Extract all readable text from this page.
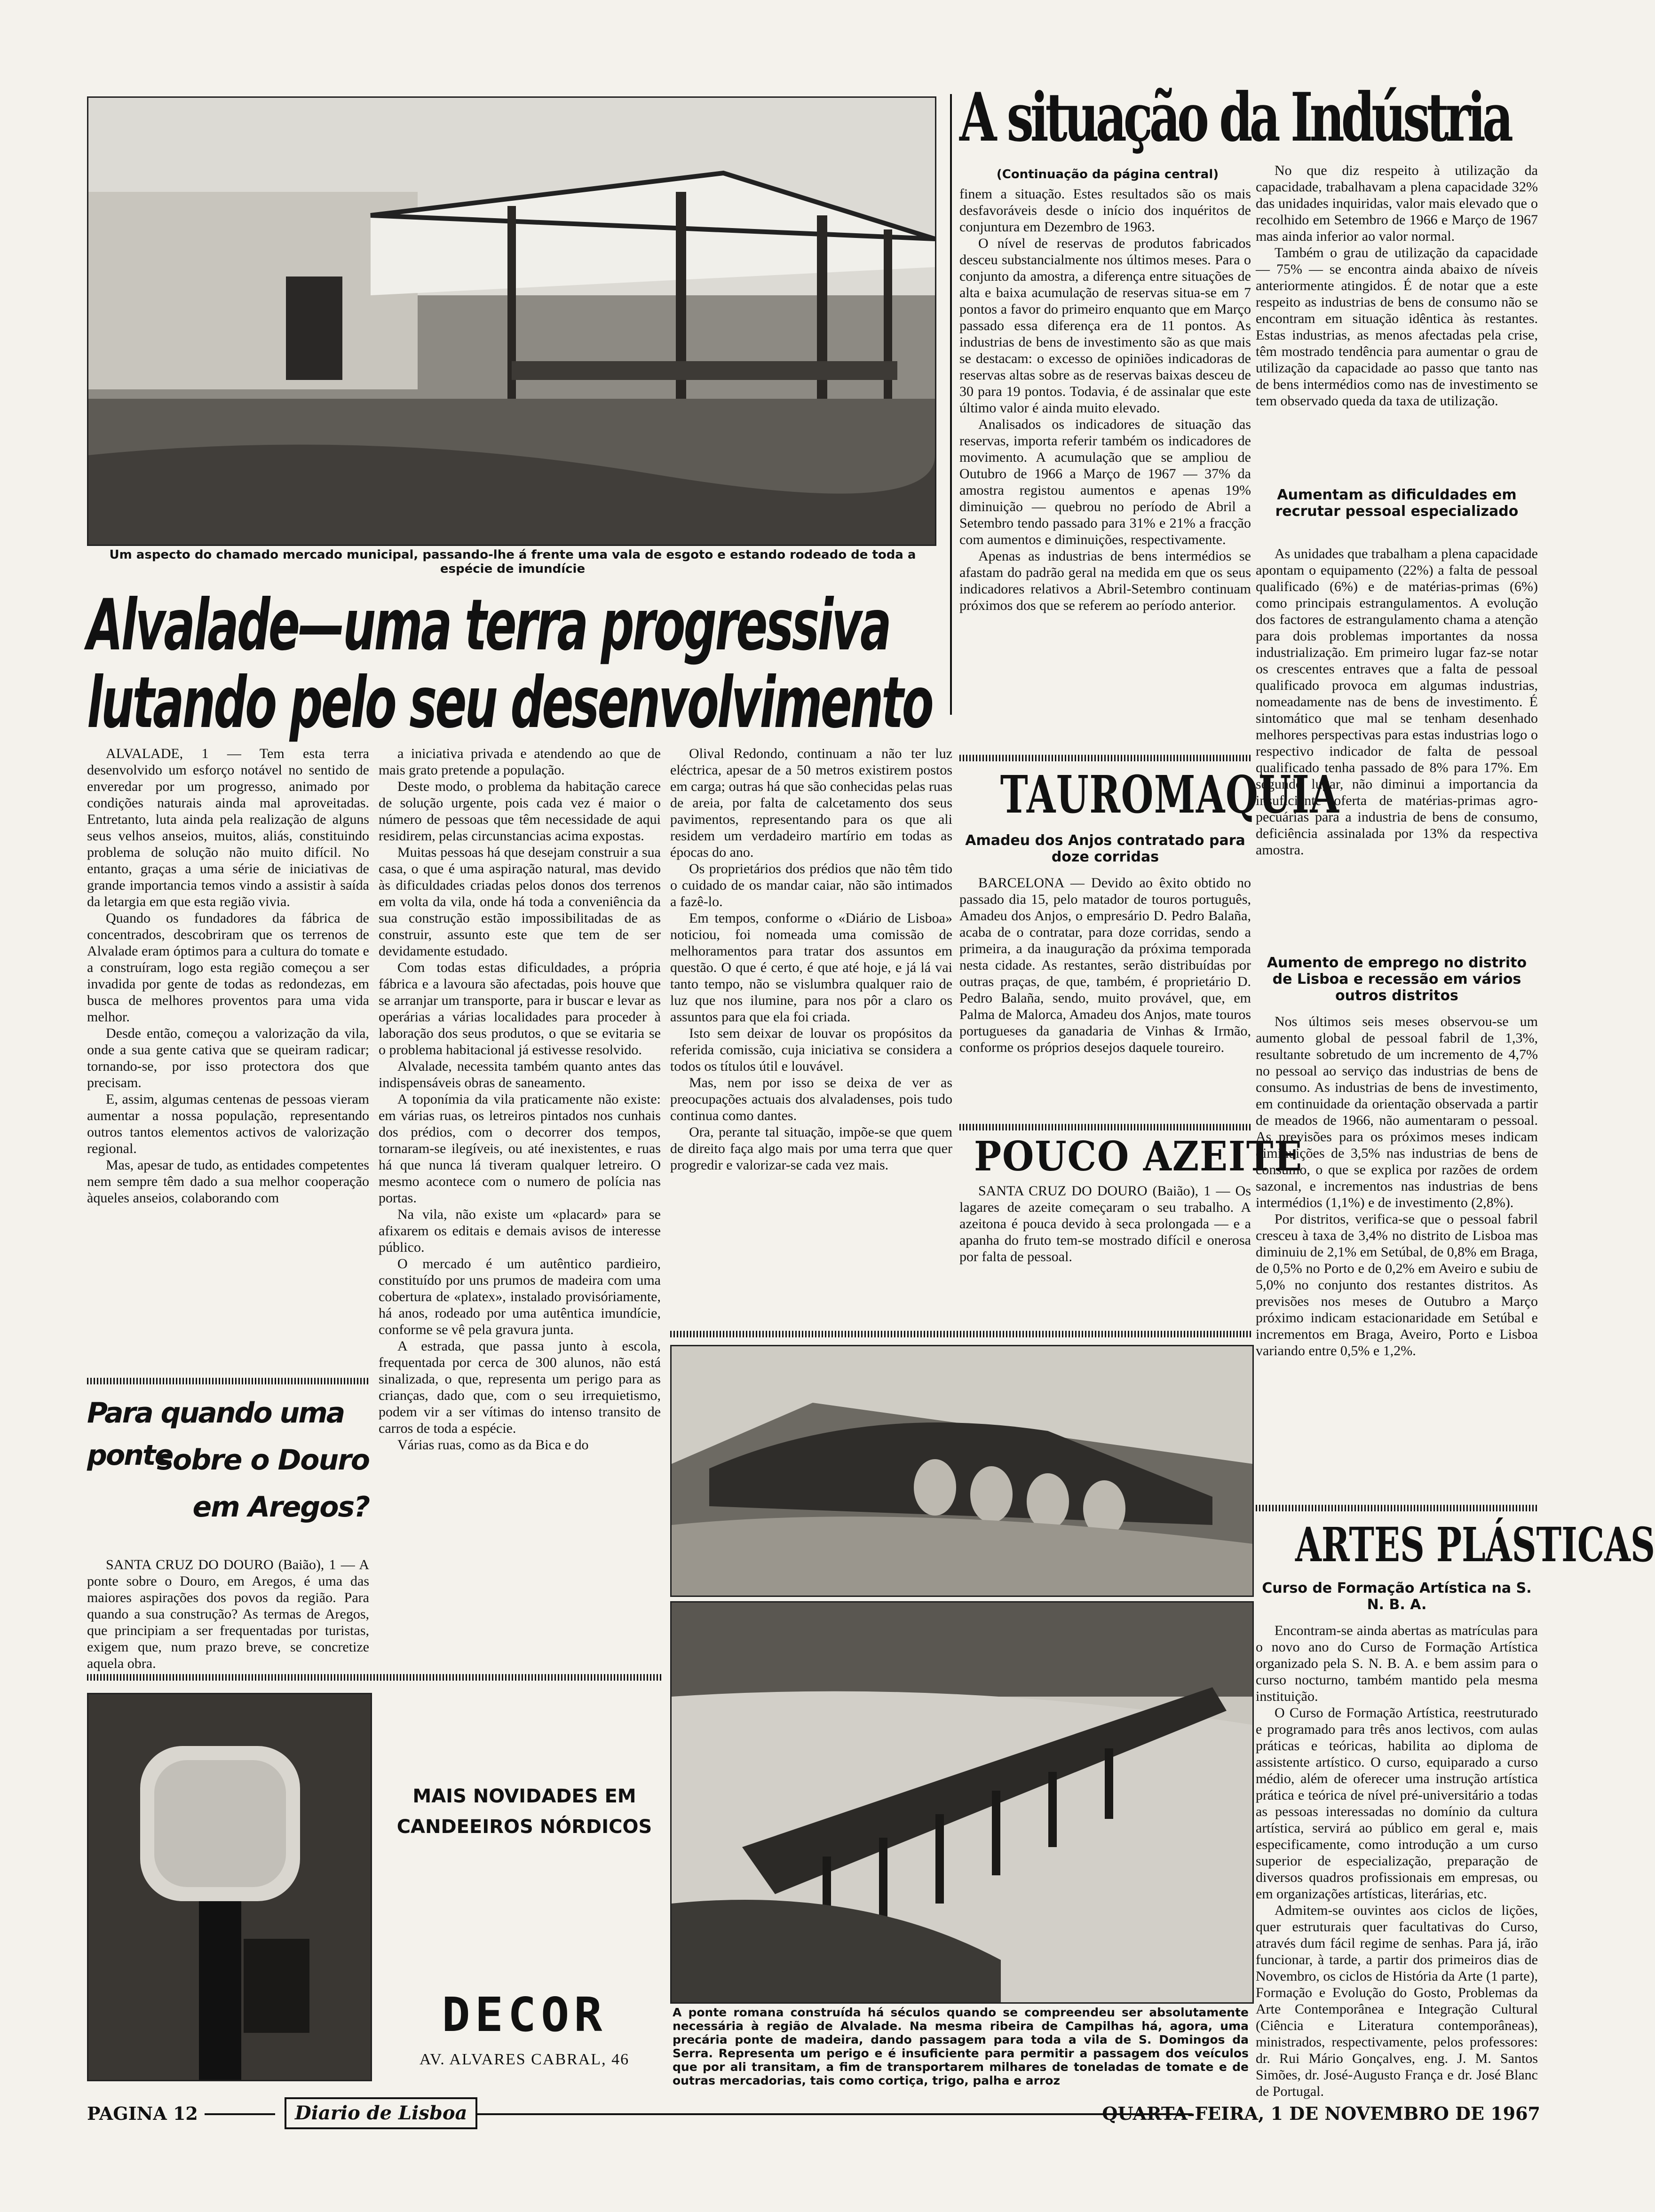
Um aspecto do chamado mercado municipal, passando-lhe á frente uma vala de esgoto e estando rodeado de toda a espécie de imundície
Alvalade—uma terra progressiva
lutando pelo seu desenvolvimento

ALVALADE, 1 — Tem esta terra desenvolvido um esforço notável no sentido de enveredar por um progresso, animado por condições naturais ainda mal aproveitadas. Entretanto, luta ainda pela realização de alguns seus velhos anseios, muitos, aliás, constituindo problema de solução não muito difícil. No entanto, graças a uma série de iniciativas de grande importancia temos vindo a assistir à saída da letargia em que esta região vivia.

Quando os fundadores da fábrica de concentrados, descobriram que os terrenos de Alvalade eram óptimos para a cultura do tomate e a construíram, logo esta região começou a ser invadida por gente de todas as redondezas, em busca de melhores proventos para uma vida melhor.

Desde então, começou a valorização da vila, onde a sua gente cativa que se queiram radicar; tornando-se, por isso protectora dos que precisam.

E, assim, algumas centenas de pessoas vieram aumentar a nossa população, representando outros tantos elementos activos de valorização regional.

Mas, apesar de tudo, as entidades competentes nem sempre têm dado a sua melhor cooperação àqueles anseios, colaborando com

a iniciativa privada e atendendo ao que de mais grato pretende a população.

Deste modo, o problema da habitação carece de solução urgente, pois cada vez é maior o número de pessoas que têm necessidade de aqui residirem, pelas circunstancias acima expostas.

Muitas pessoas há que desejam construir a sua casa, o que é uma aspiração natural, mas devido às dificuldades criadas pelos donos dos terrenos em volta da vila, onde há toda a conveniência da sua construção estão impossibilitadas de as construir, assunto este que tem de ser devidamente estudado.

Com todas estas dificuldades, a própria fábrica e a lavoura são afectadas, pois houve que se arranjar um transporte, para ir buscar e levar as operárias a várias localidades para proceder à laboração dos seus produtos, o que se evitaria se o problema habitacional já estivesse resolvido.

Alvalade, necessita também quanto antes das indispensáveis obras de saneamento.

A toponímia da vila praticamente não existe: em várias ruas, os letreiros pintados nos cunhais dos prédios, com o decorrer dos tempos, tornaram-se ilegíveis, ou até inexistentes, e ruas há que nunca lá tiveram qualquer letreiro. O mesmo acontece com o numero de polícia nas portas.

Na vila, não existe um «placard» para se afixarem os editais e demais avisos de interesse público.

O mercado é um autêntico pardieiro, constituído por uns prumos de madeira com uma cobertura de «platex», instalado provisóriamente, há anos, rodeado por uma autêntica imundície, conforme se vê pela gravura junta.

A estrada, que passa junto à escola, frequentada por cerca de 300 alunos, não está sinalizada, o que, representa um perigo para as crianças, dado que, com o seu irrequietismo, podem vir a ser vítimas do intenso transito de carros de toda a espécie.

Várias ruas, como as da Bica e do

Olival Redondo, continuam a não ter luz eléctrica, apesar de a 50 metros existirem postos em carga; outras há que são conhecidas pelas ruas de areia, por falta de calcetamento dos seus pavimentos, representando para os que ali residem um verdadeiro martírio em todas as épocas do ano.

Os proprietários dos prédios que não têm tido o cuidado de os mandar caiar, não são intimados a fazê-lo.

Em tempos, conforme o «Diário de Lisboa» noticiou, foi nomeada uma comissão de melhoramentos para tratar dos assuntos em questão. O que é certo, é que até hoje, e já lá vai tanto tempo, não se vislumbra qualquer raio de luz que nos ilumine, para nos pôr a claro os assuntos para que ela foi criada.

Isto sem deixar de louvar os propósitos da referida comissão, cuja iniciativa se considera a todos os títulos útil e louvável.

Mas, nem por isso se deixa de ver as preocupações actuais dos alvaladenses, pois tudo continua como dantes.

Ora, perante tal situação, impõe-se que quem de direito faça algo mais por uma terra que quer progredir e valorizar-se cada vez mais.

Para quando uma ponte
sobre o Douro
em Aregos?

SANTA CRUZ DO DOURO (Baião), 1 — A ponte sobre o Douro, em Aregos, é uma das maiores aspirações dos povos da região. Para quando a sua construção? As termas de Aregos, que principiam a ser frequentadas por turistas, exigem que, num prazo breve, se concretize aquela obra.

MAIS NOVIDADES EM
CANDEEIROS NÓRDICOS
DECOR
AV. ALVARES CABRAL, 46
A situação da Indústria
(Continuação da página central)

finem a situação. Estes resultados são os mais desfavoráveis desde o início dos inquéritos de conjuntura em Dezembro de 1963.

O nível de reservas de produtos fabricados desceu substancialmente nos últimos meses. Para o conjunto da amostra, a diferença entre situações de alta e baixa acumulação de reservas situa-se em 7 pontos a favor do primeiro enquanto que em Março passado essa diferença era de 11 pontos. As industrias de bens de investimento são as que mais se destacam: o excesso de opiniões indicadoras de reservas altas sobre as de reservas baixas desceu de 30 para 19 pontos. Todavia, é de assinalar que este último valor é ainda muito elevado.

Analisados os indicadores de situação das reservas, importa referir também os indicadores de movimento. A acumulação que se ampliou de Outubro de 1966 a Março de 1967 — 37% da amostra registou aumentos e apenas 19% diminuição — quebrou no período de Abril a Setembro tendo passado para 31% e 21% a fracção com aumentos e diminuições, respectivamente.

Apenas as industrias de bens intermédios se afastam do padrão geral na medida em que os seus indicadores relativos a Abril-Setembro continuam próximos dos que se referem ao período anterior.

No que diz respeito à utilização da capacidade, trabalhavam a plena capacidade 32% das unidades inquiridas, valor mais elevado que o recolhido em Setembro de 1966 e Março de 1967 mas ainda inferior ao valor normal.

Também o grau de utilização da capacidade — 75% — se encontra ainda abaixo de níveis anteriormente atingidos. É de notar que a este respeito as industrias de bens de consumo não se encontram em situação idêntica às restantes. Estas industrias, as menos afectadas pela crise, têm mostrado tendência para aumentar o grau de utilização da capacidade ao passo que tanto nas de bens intermédios como nas de investimento se tem observado queda da taxa de utilização.

Aumentam as dificuldades em recrutar pessoal especializado

As unidades que trabalham a plena capacidade apontam o equipamento (22%) a falta de pessoal qualificado (6%) e de matérias-primas (6%) como principais estrangulamentos. A evolução dos factores de estrangulamento chama a atenção para dois problemas importantes da nossa industrialização. Em primeiro lugar faz-se notar os crescentes entraves que a falta de pessoal qualificado provoca em algumas industrias, nomeadamente nas de bens de investimento. É sintomático que mal se tenham desenhado melhores perspectivas para estas industrias logo o respectivo indicador de falta de pessoal qualificado tenha passado de 8% para 17%. Em segundo lugar, não diminui a importancia da insuficiente oferta de matérias-primas agro-pecuárias para a industria de bens de consumo, deficiência assinalada por 13% da respectiva amostra.

Aumento de emprego no distrito de Lisboa e recessão em vários outros distritos

Nos últimos seis meses observou-se um aumento global de pessoal fabril de 1,3%, resultante sobretudo de um incremento de 4,7% no pessoal ao serviço das industrias de bens de consumo. As industrias de bens de investimento, em continuidade da orientação observada a partir de meados de 1966, não aumentaram o pessoal. As previsões para os próximos meses indicam diminuições de 3,5% nas industrias de bens de consumo, o que se explica por razões de ordem sazonal, e incrementos nas industrias de bens intermédios (1,1%) e de investimento (2,8%).

Por distritos, verifica-se que o pessoal fabril cresceu à taxa de 3,4% no distrito de Lisboa mas diminuiu de 2,1% em Setúbal, de 0,8% em Braga, de 0,5% no Porto e de 0,2% em Aveiro e subiu de 5,0% no conjunto dos restantes distritos. As previsões nos meses de Outubro a Março próximo indicam estacionaridade em Setúbal e incrementos em Braga, Aveiro, Porto e Lisboa variando entre 0,5% e 1,2%.

TAUROMAQUIA
Amadeu dos Anjos contratado para doze corridas

BARCELONA — Devido ao êxito obtido no passado dia 15, pelo matador de touros português, Amadeu dos Anjos, o empresário D. Pedro Balaña, acaba de o contratar, para doze corridas, sendo a primeira, a da inauguração da próxima temporada nesta cidade. As restantes, serão distribuídas por outras praças, de que, também, é proprietário D. Pedro Balaña, sendo, muito provável, que, em Palma de Malorca, Amadeu dos Anjos, mate touros portugueses da ganadaria de Vinhas & Irmão, conforme os próprios desejos daquele toureiro.

POUCO AZEITE

SANTA CRUZ DO DOURO (Baião), 1 — Os lagares de azeite começaram o seu trabalho. A azeitona é pouca devido à seca prolongada — e a apanha do fruto tem-se mostrado difícil e onerosa por falta de pessoal.

A ponte romana construída há séculos quando se compreendeu ser absolutamente necessária à região de Alvalade. Na mesma ribeira de Campilhas há, agora, uma precária ponte de madeira, dando passagem para toda a vila de S. Domingos da Serra. Representa um perigo e é insuficiente para permitir a passagem dos veículos que por ali transitam, a fim de transportarem milhares de toneladas de tomate e de outras mercadorias, tais como cortiça, trigo, palha e arroz
ARTES PLÁSTICAS
Curso de Formação Artística na S. N. B. A.

Encontram-se ainda abertas as matrículas para o novo ano do Curso de Formação Artística organizado pela S. N. B. A. e bem assim para o curso nocturno, também mantido pela mesma instituição.

O Curso de Formação Artística, reestruturado e programado para três anos lectivos, com aulas práticas e teóricas, habilita ao diploma de assistente artístico. O curso, equiparado a curso médio, além de oferecer uma instrução artística prática e teórica de nível pré-universitário a todas as pessoas interessadas no domínio da cultura artística, servirá ao público em geral e, mais especificamente, como introdução a um curso superior de especialização, preparação de diversos quadros profissionais em empresas, ou em organizações artísticas, literárias, etc.

Admitem-se ouvintes aos ciclos de lições, quer estruturais quer facultativas do Curso, através dum fácil regime de senhas. Para já, irão funcionar, à tarde, a partir dos primeiros dias de Novembro, os ciclos de História da Arte (1 parte), Formação e Evolução do Gosto, Problemas da Arte Contemporânea e Integração Cultural (Ciência e Literatura contemporâneas), ministrados, respectivamente, pelos professores: dr. Rui Mário Gonçalves, eng. J. M. Santos Simões, dr. José-Augusto França e dr. José Blanc de Portugal.

PAGINA 12	Diario de Lisboa	QUARTA-FEIRA, 1 DE NOVEMBRO DE 1967
